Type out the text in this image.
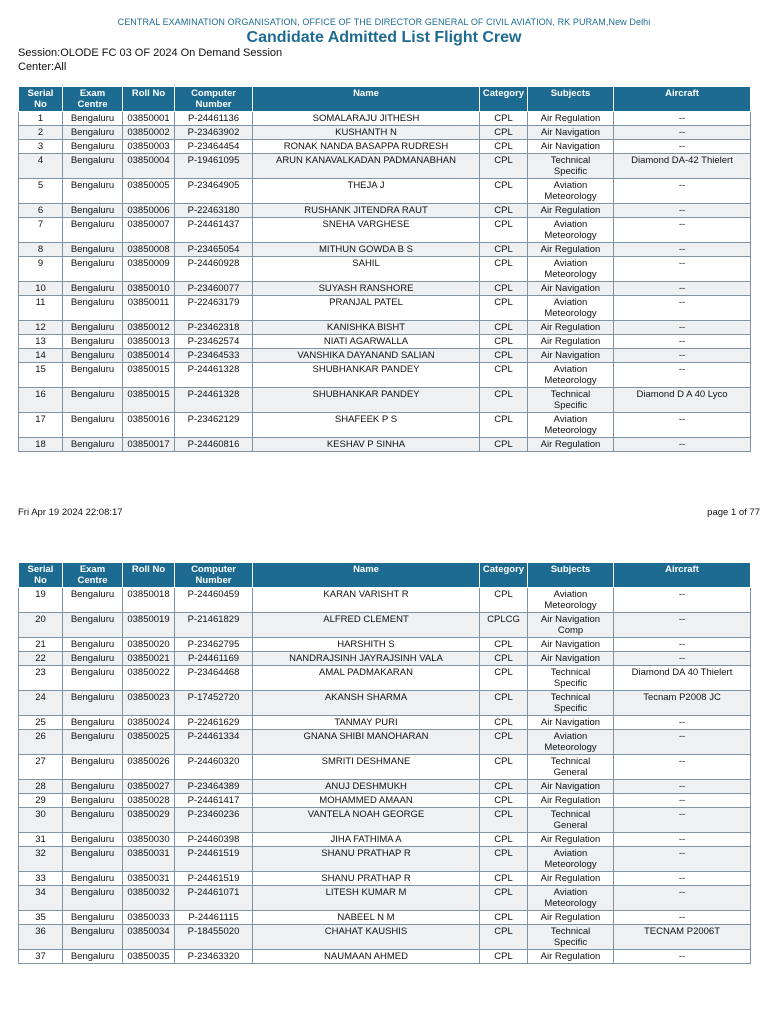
CENTRAL EXAMINATION ORGANISATION, OFFICE OF THE DIRECTOR GENERAL OF CIVIL AVIATION, RK PURAM,New Delhi
Candidate Admitted List Flight Crew
Session:OLODE FC 03 OF 2024 On Demand Session
Center:All
Serial
No	Exam
Centre	Roll No	Computer
Number	Name	Category	Subjects	Aircraft
1	Bengaluru	03850001	P-24461136	SOMALARAJU JITHESH	CPL	Air Regulation	--
2	Bengaluru	03850002	P-23463902	KUSHANTH N	CPL	Air Navigation	--
3	Bengaluru	03850003	P-23464454	RONAK NANDA BASAPPA RUDRESH	CPL	Air Navigation	--
4	Bengaluru	03850004	P-19461095	ARUN KANAVALKADAN PADMANABHAN	CPL	Technical
Specific	Diamond DA-42 Thielert
5	Bengaluru	03850005	P-23464905	THEJA J	CPL	Aviation
Meteorology	--
6	Bengaluru	03850006	P-22463180	RUSHANK JITENDRA RAUT	CPL	Air Regulation	--
7	Bengaluru	03850007	P-24461437	SNEHA VARGHESE	CPL	Aviation
Meteorology	--
8	Bengaluru	03850008	P-23465054	MITHUN GOWDA B S	CPL	Air Regulation	--
9	Bengaluru	03850009	P-24460928	SAHIL	CPL	Aviation
Meteorology	--
10	Bengaluru	03850010	P-23460077	SUYASH RANSHORE	CPL	Air Navigation	--
11	Bengaluru	03850011	P-22463179	PRANJAL PATEL	CPL	Aviation
Meteorology	--
12	Bengaluru	03850012	P-23462318	KANISHKA BISHT	CPL	Air Regulation	--
13	Bengaluru	03850013	P-23462574	NIATI AGARWALLA	CPL	Air Regulation	--
14	Bengaluru	03850014	P-23464533	VANSHIKA DAYANAND SALIAN	CPL	Air Navigation	--
15	Bengaluru	03850015	P-24461328	SHUBHANKAR PANDEY	CPL	Aviation
Meteorology	--
16	Bengaluru	03850015	P-24461328	SHUBHANKAR PANDEY	CPL	Technical
Specific	Diamond D A 40 Lyco
17	Bengaluru	03850016	P-23462129	SHAFEEK P S	CPL	Aviation
Meteorology	--
18	Bengaluru	03850017	P-24460816	KESHAV P SINHA	CPL	Air Regulation	--
Fri Apr 19 2024 22:08:17	page 1 of 77
Serial
No	Exam
Centre	Roll No	Computer
Number	Name	Category	Subjects	Aircraft
19	Bengaluru	03850018	P-24460459	KARAN VARISHT R	CPL	Aviation
Meteorology	--
20	Bengaluru	03850019	P-21461829	ALFRED CLEMENT	CPLCG	Air Navigation
Comp	--
21	Bengaluru	03850020	P-23462795	HARSHITH S	CPL	Air Navigation	--
22	Bengaluru	03850021	P-24461169	NANDRAJSINH JAYRAJSINH VALA	CPL	Air Navigation	--
23	Bengaluru	03850022	P-23464468	AMAL PADMAKARAN	CPL	Technical
Specific	Diamond DA 40 Thielert
24	Bengaluru	03850023	P-17452720	AKANSH SHARMA	CPL	Technical
Specific	Tecnam P2008 JC
25	Bengaluru	03850024	P-22461629	TANMAY PURI	CPL	Air Navigation	--
26	Bengaluru	03850025	P-24461334	GNANA SHIBI MANOHARAN	CPL	Aviation
Meteorology	--
27	Bengaluru	03850026	P-24460320	SMRITI DESHMANE	CPL	Technical
General	--
28	Bengaluru	03850027	P-23464389	ANUJ DESHMUKH	CPL	Air Navigation	--
29	Bengaluru	03850028	P-24461417	MOHAMMED AMAAN	CPL	Air Regulation	--
30	Bengaluru	03850029	P-23460236	VANTELA NOAH GEORGE	CPL	Technical
General	--
31	Bengaluru	03850030	P-24460398	JIHA FATHIMA A	CPL	Air Regulation	--
32	Bengaluru	03850031	P-24461519	SHANU PRATHAP R	CPL	Aviation
Meteorology	--
33	Bengaluru	03850031	P-24461519	SHANU PRATHAP R	CPL	Air Regulation	--
34	Bengaluru	03850032	P-24461071	LITESH KUMAR M	CPL	Aviation
Meteorology	--
35	Bengaluru	03850033	P-24461115	NABEEL N M	CPL	Air Regulation	--
36	Bengaluru	03850034	P-18455020	CHAHAT KAUSHIS	CPL	Technical
Specific	TECNAM P2006T
37	Bengaluru	03850035	P-23463320	NAUMAAN AHMED	CPL	Air Regulation	--
